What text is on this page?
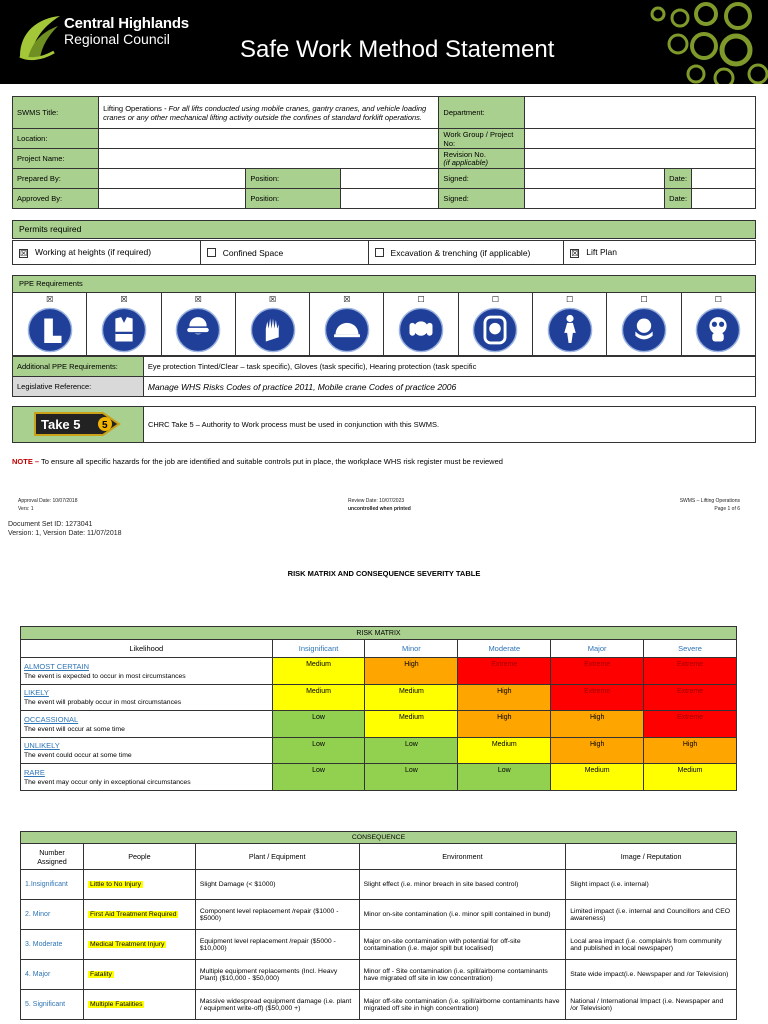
Central Highlands
Regional Council	Safe Work Method Statement
SWMS Title:	Lifting Operations - For all lifts conducted using mobile cranes, gantry cranes, and vehicle loading cranes or any other mechanical lifting activity outside the confines of standard forklift operations.			Department:			
Location:				Work Group / Project No:			
Project Name:				Revision No.
(if applicable)			
Prepared By:		Position:		Signed:		Date:	
Approved By:		Position:		Signed:		Date:	
Permits required
☒ Working at heights (if required)	Confined Space	Excavation & trenching (if applicable)	☒ Lift Plan
PPE Requirements
☒	☒	☒	☒	☒	☐	☐	☐	☐	☐
Additional PPE Requirements:	Eye protection Tinted/Clear – task specific), Gloves (task specific), Hearing protection (task specific
Legislative Reference:	Manage WHS Risks Codes of practice 2011, Mobile crane Codes of practice 2006
Take 5 5	CHRC Take 5 – Authority to Work process must be used in conjunction with this SWMS.
NOTE – To ensure all specific hazards for the job are identified and suitable controls put in place, the workplace WHS risk register must be reviewed
Approval Date: 10/07/2018
Vers: 1
Review Date: 10/07/2023
uncontrolled when printed
SWMS – Lifting Operations
Page 1 of 6
Document Set ID: 1273041
Version: 1, Version Date: 11/07/2018
RISK MATRIX AND CONSEQUENCE SEVERITY TABLE
RISK MATRIX					
Likelihood	Insignificant	Minor	Moderate	Major	Severe

ALMOST CERTAIN
The event is expected to occur in most circumstances	Medium	High	Extreme	Extreme	Extreme

LIKELY
The event will probably occur in most circumstances	Medium	Medium	High	Extreme	Extreme

OCCASSIONAL
The event will occur at some time	Low	Medium	High	High	Extreme

UNLIKELY
The event could occur at some time	Low	Low	Medium	High	High

RARE
The event may occur only in exceptional circumstances	Low	Low	Low	Medium	Medium
CONSEQUENCE				
Number Assigned	People	Plant / Equipment	Environment	Image / Reputation
1.Insignificant	Little to No Injury	Slight Damage (< $1000)	Slight effect (i.e. minor breach in site based control)	Slight impact (i.e. internal)
2. Minor	First Aid Treatment Required	Component level replacement /repair ($1000 - $5000)	Minor on-site contamination (i.e. minor spill contained in bund)	Limited impact (i.e. internal and Councillors and CEO awareness)
3. Moderate	Medical Treatment Injury	Equipment level replacement /repair ($5000 - $10,000)	Major on-site contamination with potential for off-site contamination (i.e. major spill but localised)	Local area impact (i.e. complain/s from community and published in local newspaper)
4. Major	Fatality	Multiple equipment replacements (Incl. Heavy Plant) ($10,000 - $50,000)	Minor off - Site contamination (i.e. spill/airborne contaminants have migrated off site in low concentration)	State wide impact(i.e. Newspaper and /or Television)
5. Significant	Multiple Fatalities	Massive widespread equipment damage (i.e. plant / equipment write-off) ($50,000 +)	Major off-site contamination (i.e. spill/airborne contaminants have migrated off site in high concentration)	National / International Impact (i.e. Newspaper and /or Television)
